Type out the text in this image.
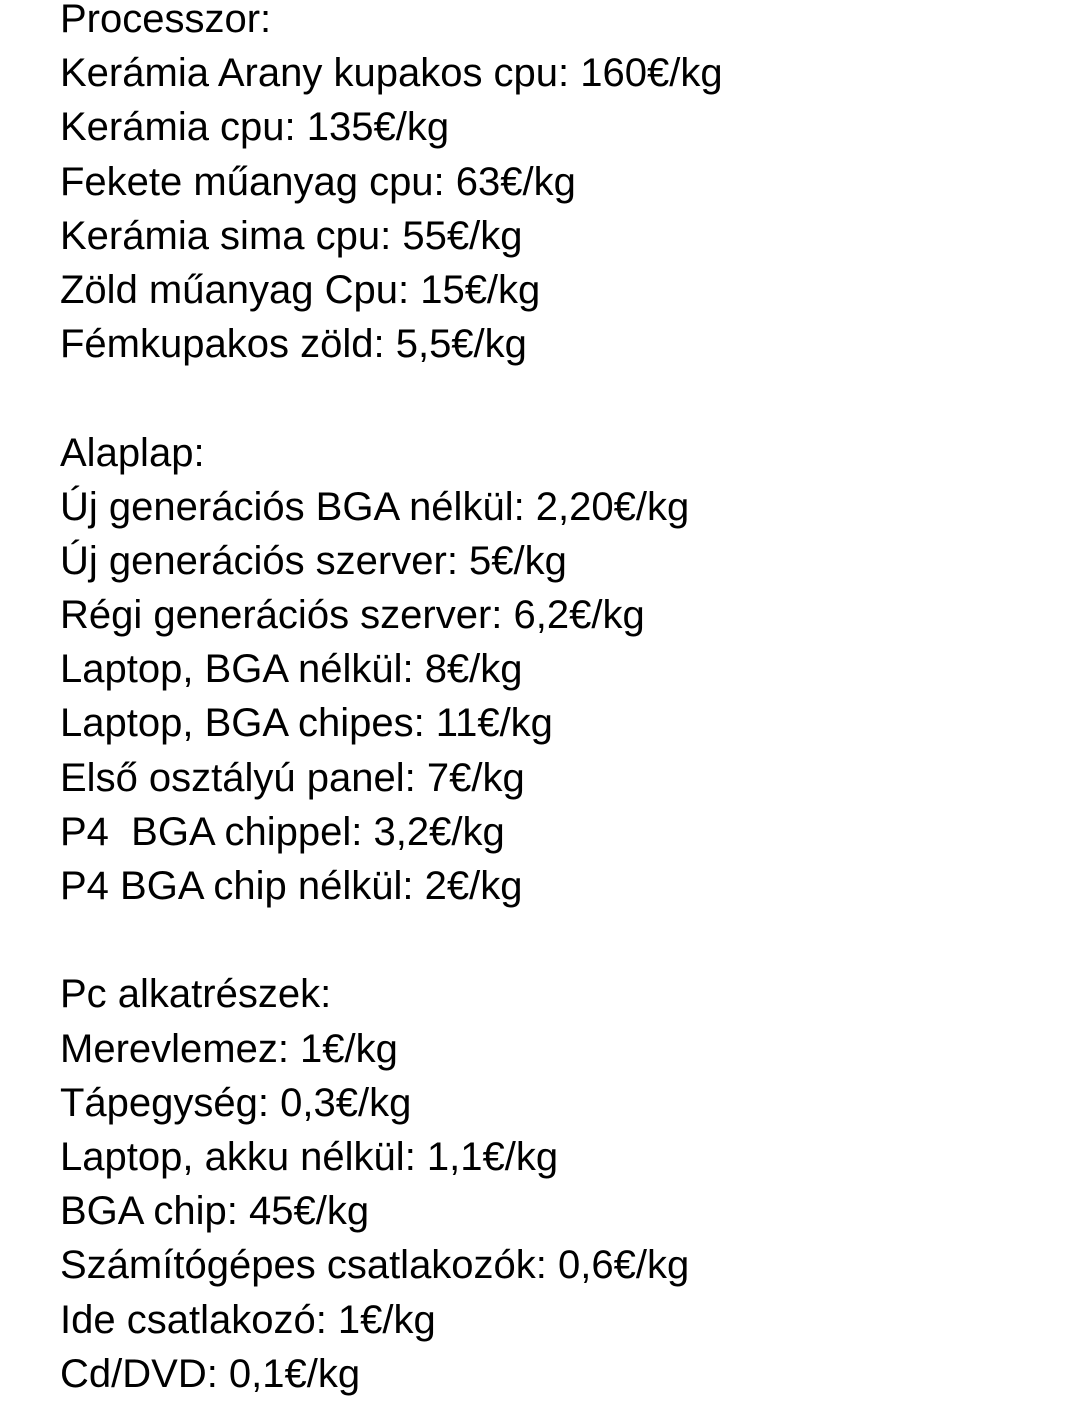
Processzor:
Kerámia Arany kupakos cpu: 160€/kg
Kerámia cpu: 135€/kg
Fekete műanyag cpu: 63€/kg
Kerámia sima cpu: 55€/kg
Zöld műanyag Cpu: 15€/kg
Fémkupakos zöld: 5,5€/kg
Alaplap:
Új generációs BGA nélkül: 2,20€/kg
Új generációs szerver: 5€/kg
Régi generációs szerver: 6,2€/kg
Laptop, BGA nélkül: 8€/kg
Laptop, BGA chipes: 11€/kg
Első osztályú panel: 7€/kg
P4  BGA chippel: 3,2€/kg
P4 BGA chip nélkül: 2€/kg
Pc alkatrészek:
Merevlemez: 1€/kg
Tápegység: 0,3€/kg
Laptop, akku nélkül: 1,1€/kg
BGA chip: 45€/kg
Számítógépes csatlakozók: 0,6€/kg
Ide csatlakozó: 1€/kg
Cd/DVD: 0,1€/kg
